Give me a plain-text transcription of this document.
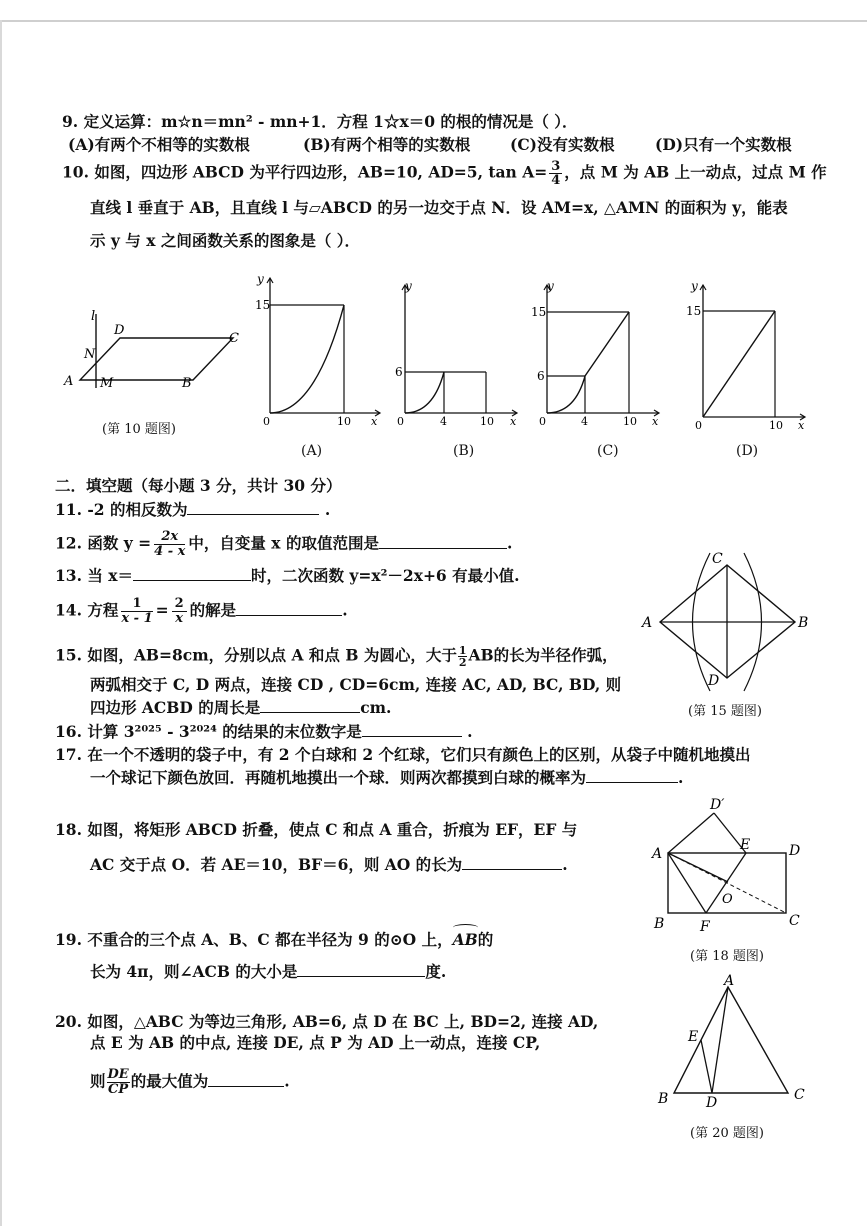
9. 定义运算：m☆n＝mn² - mn+1．方程 1☆x＝0 的根的情况是（ ）．
(A)有两个不相等的实数根	(B)有两个相等的实数根	(C)没有实数根	(D)只有一个实数根
10. 如图，四边形 ABCD 为平行四边形，AB=10, AD=5, $\tan A= \frac{3}{4}$ ，点 M 为 AB 上一动点，过点 M 作
直线 l 垂直于 AB，且直线 l 与▱ABCD 的另一边交于点 N．设 AM=x, △AMN 的面积为 y，能表
示 y 与 x 之间函数关系的图象是（ ）．
l
D
C
N
A M	B
(第 10 题图)
y
15
0	10 x
(A)
y
6
0	4	10 x
(B)
y
15
6
0	4	10 x
(C)
y
15
0	10 x
(D)
二．填空题（每小题 3 分，共计 30 分）
11. -2 的相反数为	.
12. 函数 $y = \frac{2x}{4 - x}$ 中，自变量 x 的取值范围是	.
13. 当 x＝	时，二次函数 y=x²－2x+6 有最小值.
14. 方程 $\frac{1}{x - 1} = \frac{2}{x}$ 的解是	.
15. 如图，AB=8cm，分别以点 A 和点 B 为圆心，大于 $\frac{1}{2}$ AB的长为半径作弧，
两弧相交于 C, D 两点，连接 CD , CD=6cm, 连接 AC, AD, BC, BD, 则
四边形 ACBD 的周长是	cm.
C
A	B
D
(第 15 题图)
16. 计算 3²⁰²⁵ - 3²⁰²⁴ 的结果的末位数字是	.
17. 在一个不透明的袋子中，有 2 个白球和 2 个红球，它们只有颜色上的区别，从袋子中随机地摸出
一个球记下颜色放回．再随机地摸出一个球．则两次都摸到白球的概率为	.
18. 如图，将矩形 ABCD 折叠，使点 C 和点 A 重合，折痕为 EF，EF 与
AC 交于点 O．若 AE＝10，BF＝6，则 AO 的长为	.
D′
A
E	D
O
B	F	C
(第 18 题图)
19. 不重合的三个点 A、B、C 都在半径为 9 的⊙O 上，AB
的
长为 4π，则∠ACB 的大小是	度.
20. 如图，△ABC 为等边三角形, AB=6, 点 D 在 BC 上, BD=2, 连接 AD,
点 E 为 AB 的中点, 连接 DE, 点 P 为 AD 上一动点，连接 CP,
则 $\frac{DE}{CP}$ 的最大值为	.
A
E
B	D	C
(第 20 题图)
